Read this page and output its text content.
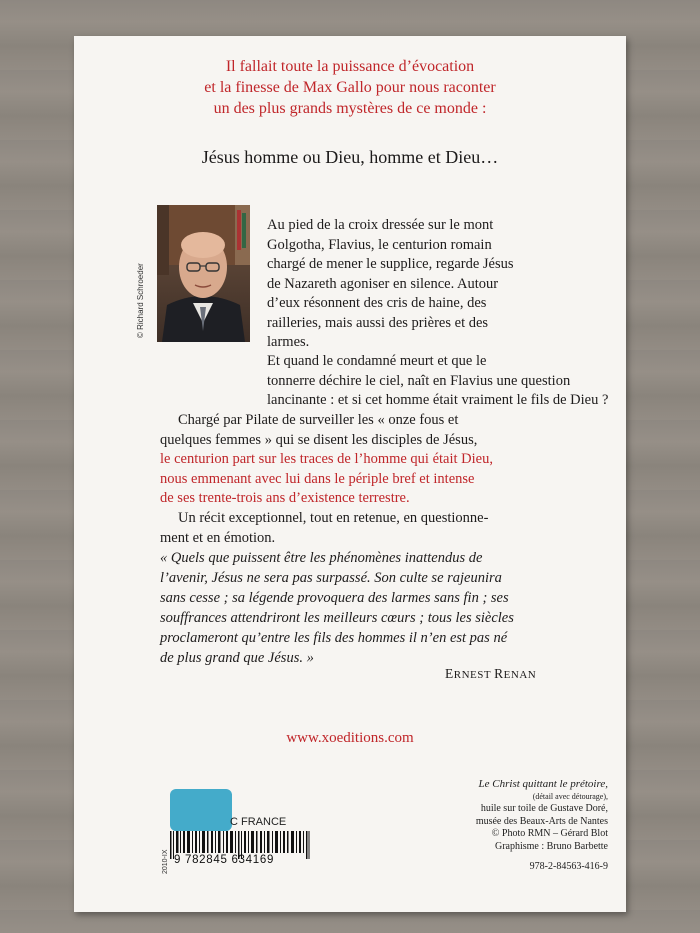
Il fallait toute la puissance d’évocation
et la finesse de Max Gallo pour nous raconter
un des plus grands mystères de ce monde :
Jésus homme ou Dieu, homme et Dieu…
© Richard Schroeder
Au pied de la croix dressée sur le mont
Golgotha, Flavius, le centurion romain
chargé de mener le supplice, regarde Jésus
de Nazareth agoniser en silence. Autour
d’eux résonnent des cris de haine, des
railleries, mais aussi des prières et des
larmes.
Et quand le condamné meurt et que le
tonnerre déchire le ciel, naît en Flavius une question
lancinante : et si cet homme était vraiment le fils de Dieu ?
Chargé par Pilate de surveiller les « onze fous et
quelques femmes » qui se disent les disciples de Jésus,
le centurion part sur les traces de l’homme qui était Dieu,
nous emmenant avec lui dans le périple bref et intense
de ses trente-trois ans d’existence terrestre.
Un récit exceptionnel, tout en retenue, en questionne-
ment et en émotion.
« Quels que puissent être les phénomènes inattendus de
l’avenir, Jésus ne sera pas surpassé. Son culte se rajeunira
sans cesse ; sa légende provoquera des larmes sans fin ; ses
souffrances attendriront les meilleurs cœurs ; tous les siècles
proclameront qu’entre les fils des hommes il n’en est pas né
de plus grand que Jésus. »
ERNEST RENAN
www.xoeditions.com
Le Christ quittant le prétoire,
(détail avec détourage),
huile sur toile de Gustave Doré,
musée des Beaux-Arts de Nantes
© Photo RMN – Gérard Blot
Graphisme : Bruno Barbette
978-2-84563-416-9
C FRANCE
9 782845 634169
2010-IX
